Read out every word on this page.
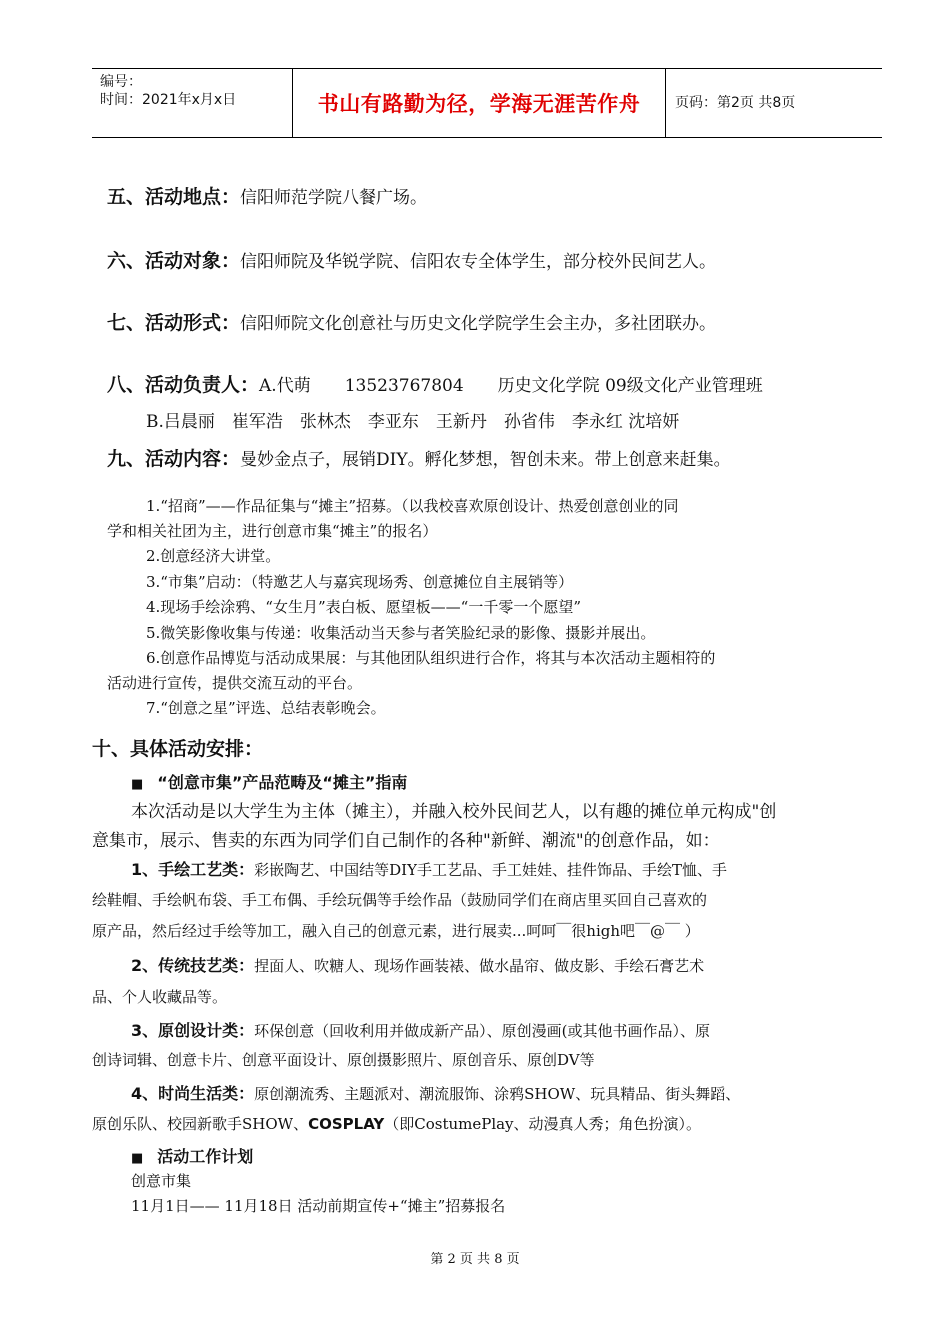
编号：
时间：2021年x月x日	书山有路勤为径，学海无涯苦作舟	页码：第2页 共8页
五、活动地点：信阳师范学院八餐广场。
六、活动对象：信阳师院及华锐学院、信阳农专全体学生，部分校外民间艺人。
七、活动形式：信阳师院文化创意社与历史文化学院学生会主办，多社团联办。
八、活动负责人：A.代萌　　13523767804　　历史文化学院 09级文化产业管理班
B.吕晨丽　崔军浩　张林杰　李亚东　王新丹　孙省伟　李永红 沈培妍
九、活动内容：曼妙金点子，展销DIY。孵化梦想，智创未来。带上创意来赶集。
1.“招商”——作品征集与“摊主”招募。（以我校喜欢原创设计、热爱创意创业的同
学和相关社团为主，进行创意市集“摊主”的报名）
2.创意经济大讲堂。
3.“市集”启动：（特邀艺人与嘉宾现场秀、创意摊位自主展销等）
4.现场手绘涂鸦、“女生月”表白板、愿望板——“一千零一个愿望”
5.微笑影像收集与传递：收集活动当天参与者笑脸纪录的影像、摄影并展出。
6.创意作品博览与活动成果展：与其他团队组织进行合作，将其与本次活动主题相符的
活动进行宣传，提供交流互动的平台。
7.“创意之星”评选、总结表彰晚会。
十、具体活动安排：
■ “创意市集”产品范畴及“摊主”指南
本次活动是以大学生为主体（摊主），并融入校外民间艺人，以有趣的摊位单元构成"创
意集市，展示、售卖的东西为同学们自己制作的各种"新鲜、潮流"的创意作品，如：
1、手绘工艺类：彩嵌陶艺、中国结等DIY手工艺品、手工娃娃、挂件饰品、手绘T恤、手
绘鞋帽、手绘帆布袋、手工布偶、手绘玩偶等手绘作品（鼓励同学们在商店里买回自己喜欢的
原产品，然后经过手绘等加工，融入自己的创意元素，进行展卖...呵呵￣很high吧￣@￣ ）
2、传统技艺类：捏面人、吹糖人、现场作画装裱、做水晶帘、做皮影、手绘石膏艺术
品、个人收藏品等。
3、原创设计类：环保创意（回收利用并做成新产品）、原创漫画(或其他书画作品）、原
创诗词辑、创意卡片、创意平面设计、原创摄影照片、原创音乐、原创DV等
4、时尚生活类：原创潮流秀、主题派对、潮流服饰、涂鸦SHOW、玩具精品、街头舞蹈、
原创乐队、校园新歌手SHOW、COSPLAY（即CostumePlay、动漫真人秀；角色扮演）。
■ 活动工作计划
创意市集
11月1日—— 11月18日 活动前期宣传+“摊主”招募报名
第 2 页 共 8 页
